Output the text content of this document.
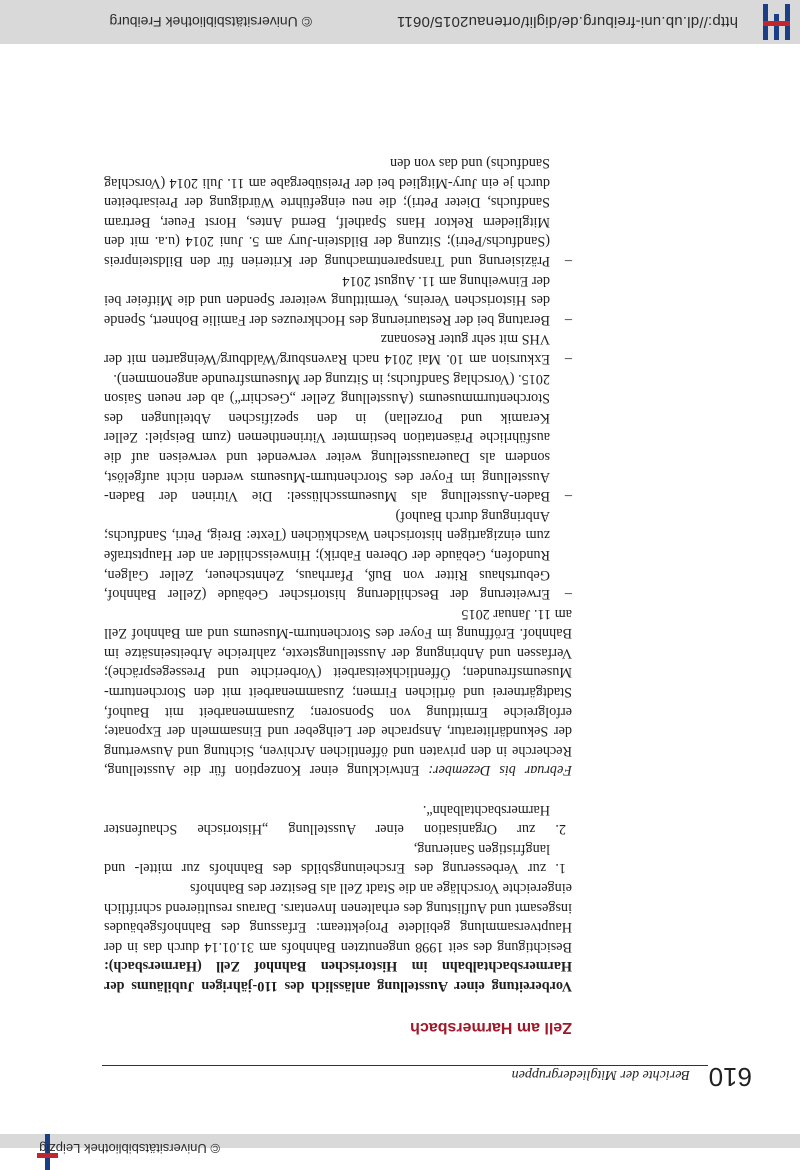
© Universitätsbibliothek Leipzig
610
Berichte der Mitgliedergruppen
Zell am Harmersbach

Vorbereitung einer Ausstellung anlässlich des 110-jährigen Jubiläums der Harmersbachtalbahn im Historischen Bahnhof Zell (Harmersbach): Besichtigung des seit 1998 ungenutzten Bahnhofs am 31.01.14 durch das in der Hauptversammlung gebildete Projektteam: Erfassung des Bahnhofsgebäudes insgesamt und Auflistung des erhaltenen Inventars. Daraus resultierend schriftlich eingereichte Vorschläge an die Stadt Zell als Besitzer des Bahnhofs

1. zur Verbesserung des Erscheinungsbilds des Bahnhofs zur mittel- und langfristigen Sanierung,

2. zur Organisation einer Ausstellung „Historische Schaufenster Harmersbachtalbahn“.

Februar bis Dezember: Entwicklung einer Konzeption für die Ausstellung, Recherche in den privaten und öffentlichen Archiven, Sichtung und Auswertung der Sekundärliteratur, Ansprache der Leihgeber und Einsammeln der Exponate; erfolgreiche Ermittlung von Sponsoren; Zusammenarbeit mit Bauhof, Stadtgärtnerei und örtlichen Firmen; Zusammenarbeit mit den Storchenturm-Museumsfreunden; Öffentlichkeitsarbeit (Vorberichte und Pressegespräche); Verfassen und Anbringung der Ausstellungstexte, zahlreiche Arbeitseinsätze im Bahnhof. Eröffnung im Foyer des Storchenturm-Museums und am Bahnhof Zell am 11. Januar 2015

–
Erweiterung der Beschilderung historischer Gebäude (Zeller Bahnhof, Geburtshaus Ritter von Buß, Pfarrhaus, Zehntscheuer, Zeller Galgen, Rundofen, Gebäude der Oberen Fabrik); Hinweisschilder an der Hauptstraße zum einzigartigen historischen Waschküchen (Texte: Breig, Petri, Sandfuchs; Anbringung durch Bauhof)
–
Baden-Ausstellung als Museumsschlüssel: Die Vitrinen der Baden-Ausstellung im Foyer des Storchenturm-Museums werden nicht aufgelöst, sondern als Dauerausstellung weiter verwendet und verweisen auf die ausführliche Präsentation bestimmter Vitrinenthemen (zum Beispiel: Zeller Keramik und Porzellan) in den spezifischen Abteilungen des Storchenturmmuseums (Ausstellung Zeller „Geschirr“) ab der neuen Saison 2015. (Vorschlag Sandfuchs; in Sitzung der Museumsfreunde angenommen).
–
Exkursion am 10. Mai 2014 nach Ravensburg/Waldburg/Weingarten mit der VHS mit sehr guter Resonanz
–
Beratung bei der Restaurierung des Hochkreuzes der Familie Bohnert, Spende des Historischen Vereins, Vermittlung weiterer Spenden und die Mitfeier bei der Einweihung am 11. August 2014
–
Präzisierung und Transparentmachung der Kriterien für den Bildsteinpreis (Sandfuchs/Petri); Sitzung der Bildstein-Jury am 5. Juni 2014 (u.a. mit den Mitgliedern Rektor Hans Spathelf, Bernd Antes, Horst Feuer, Bertram Sandfuchs, Dieter Petri); die neu eingeführte Würdigung der Preisarbeiten durch je ein Jury-Mitglied bei der Preisübergabe am 11. Juli 2014 (Vorschlag Sandfuchs) und das von den
http://dl.ub.uni-freiburg.de/diglit/ortenau2015/0611
© Universitätsbibliothek Freiburg
